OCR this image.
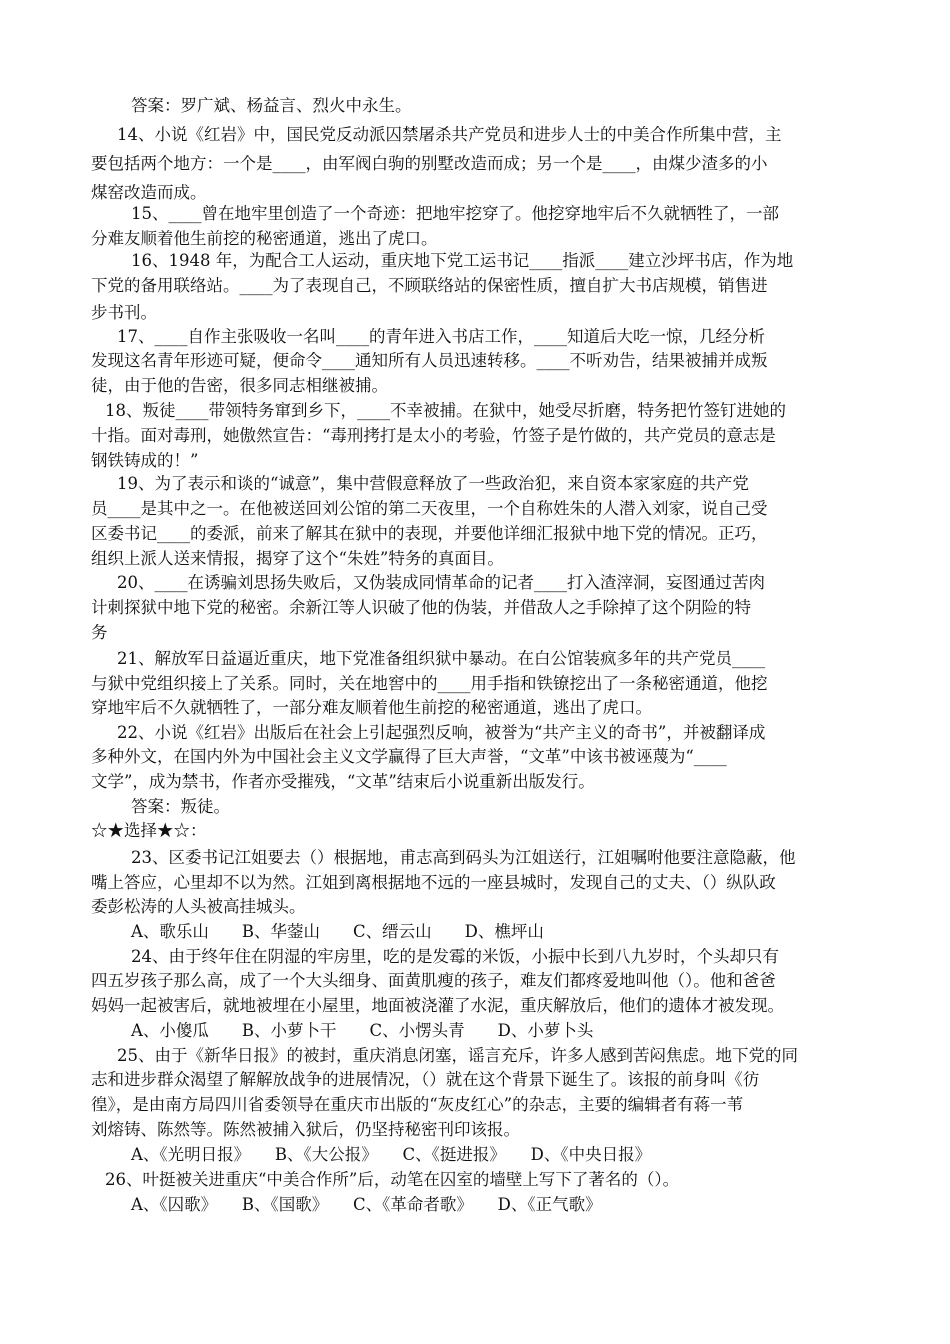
答案：罗广斌、杨益言、烈火中永生。
14、小说《红岩》中，国民党反动派囚禁屠杀共产党员和进步人士的中美合作所集中营，主
要包括两个地方：一个是____，由军阀白驹的别墅改造而成；另一个是____，由煤少渣多的小
煤窑改造而成。
15、____曾在地牢里创造了一个奇迹：把地牢挖穿了。他挖穿地牢后不久就牺牲了，一部
分难友顺着他生前挖的秘密通道，逃出了虎口。
16、1948 年，为配合工人运动，重庆地下党工运书记____指派____建立沙坪书店，作为地
下党的备用联络站。____为了表现自己，不顾联络站的保密性质，擅自扩大书店规模，销售进
步书刊。
17、____自作主张吸收一名叫____的青年进入书店工作，____知道后大吃一惊，几经分析
发现这名青年形迹可疑，便命令____通知所有人员迅速转移。____不听劝告，结果被捕并成叛
徒，由于他的告密，很多同志相继被捕。
18、叛徒____带领特务窜到乡下，____不幸被捕。在狱中，她受尽折磨，特务把竹签钉进她的
十指。面对毒刑，她傲然宣告：“毒刑拷打是太小的考验，竹签子是竹做的，共产党员的意志是
钢铁铸成的！”
19、为了表示和谈的“诚意”，集中营假意释放了一些政治犯，来自资本家家庭的共产党
员____是其中之一。在他被送回刘公馆的第二天夜里，一个自称姓朱的人潜入刘家，说自己受
区委书记____的委派，前来了解其在狱中的表现，并要他详细汇报狱中地下党的情况。正巧，
组织上派人送来情报，揭穿了这个“朱姓”特务的真面目。
20、____在诱骗刘思扬失败后，又伪装成同情革命的记者____打入渣滓洞，妄图通过苦肉
计刺探狱中地下党的秘密。余新江等人识破了他的伪装，并借敌人之手除掉了这个阴险的特
务
21、解放军日益逼近重庆，地下党准备组织狱中暴动。在白公馆装疯多年的共产党员____
与狱中党组织接上了关系。同时，关在地窖中的____用手指和铁镣挖出了一条秘密通道，他挖
穿地牢后不久就牺牲了，一部分难友顺着他生前挖的秘密通道，逃出了虎口。
22、小说《红岩》出版后在社会上引起强烈反响，被誉为“共产主义的奇书”，并被翻译成
多种外文，在国内外为中国社会主义文学赢得了巨大声誉，“文革”中该书被诬蔑为“____
文学”，成为禁书，作者亦受摧残，“文革”结束后小说重新出版发行。
答案：叛徒。
☆★选择★☆：
23、区委书记江姐要去（）根据地，甫志高到码头为江姐送行，江姐嘱咐他要注意隐蔽，他
嘴上答应，心里却不以为然。江姐到离根据地不远的一座县城时，发现自己的丈夫、（）纵队政
委彭松涛的人头被高挂城头。
A、歌乐山　　B、华蓥山　　C、缙云山　　D、樵坪山
24、由于终年住在阴湿的牢房里，吃的是发霉的米饭，小振中长到八九岁时，个头却只有
四五岁孩子那么高，成了一个大头细身、面黄肌瘦的孩子，难友们都疼爱地叫他（）。他和爸爸
妈妈一起被害后，就地被埋在小屋里，地面被浇灌了水泥，重庆解放后，他们的遗体才被发现。
A、小傻瓜　　B、小萝卜干　　C、小愣头青　　D、小萝卜头
25、由于《新华日报》的被封，重庆消息闭塞，谣言充斥，许多人感到苦闷焦虑。地下党的同
志和进步群众渴望了解解放战争的进展情况，（）就在这个背景下诞生了。该报的前身叫《彷
徨》，是由南方局四川省委领导在重庆市出版的“灰皮红心”的杂志，主要的编辑者有蒋一苇
刘熔铸、陈然等。陈然被捕入狱后，仍坚持秘密刊印该报。
A、《光明日报》　　B、《大公报》　　C、《挺进报》　　D、《中央日报》
26、叶挺被关进重庆“中美合作所”后，动笔在囚室的墙壁上写下了著名的（）。
A、《囚歌》　　B、《国歌》　　C、《革命者歌》　　D、《正气歌》
